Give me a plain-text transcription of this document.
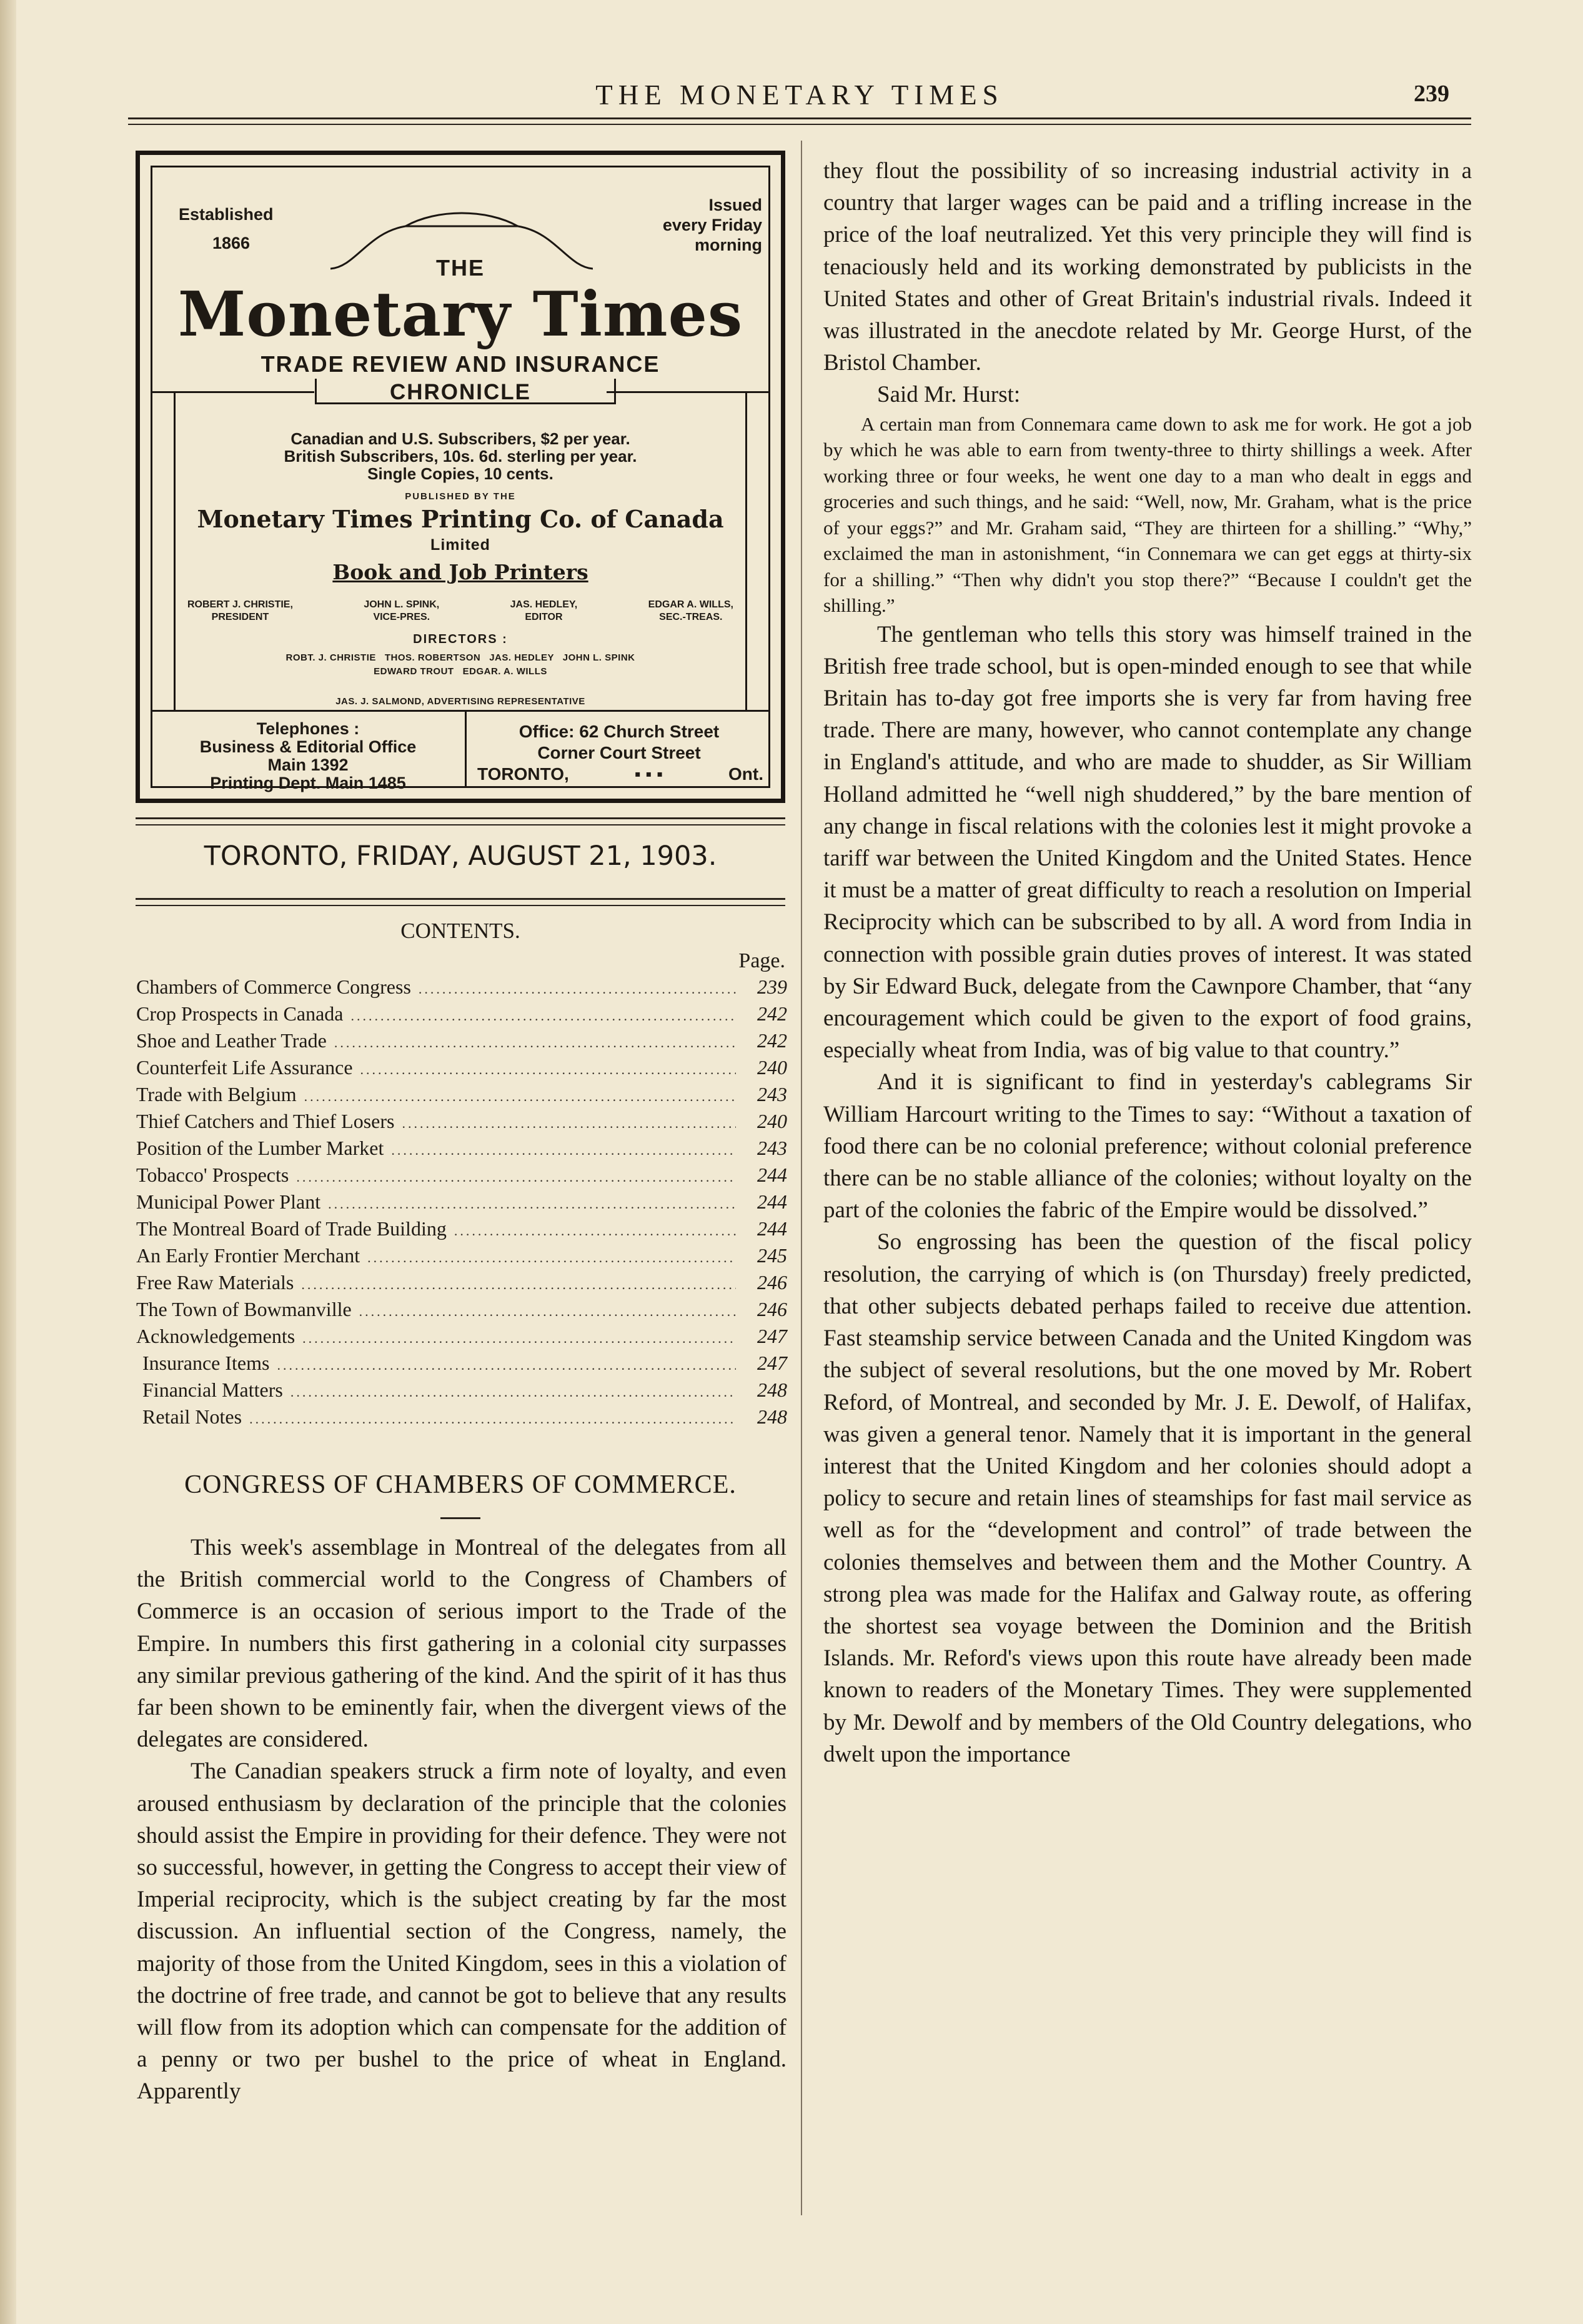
THE MONETARY TIMES	239
Established
1866
Issued
every Friday
morning
THE
Monetary Times
TRADE REVIEW AND INSURANCE
CHRONICLE
Canadian and U.S. Subscribers, $2 per year.
British Subscribers, 10s. 6d. sterling per year.
Single Copies, 10 cents.
PUBLISHED BY THE
Monetary Times Printing Co. of Canada
Limited
Book and Job Printers
ROBERT J. CHRISTIE,
PRESIDENT
JOHN L. SPINK,
VICE-PRES.
JAS. HEDLEY,
EDITOR
EDGAR A. WILLS,
SEC.-TREAS.
DIRECTORS :
ROBT. J. CHRISTIE   THOS. ROBERTSON   JAS. HEDLEY   JOHN L. SPINK
EDWARD TROUT   EDGAR. A. WILLS
JAS. J. SALMOND, ADVERTISING REPRESENTATIVE
Telephones :
Business & Editorial Office
Main 1392
Printing Dept. Main 1485
Office: 62 Church Street
Corner Court Street
TORONTO,	▪ ▪ ▪	Ont.
TORONTO, FRIDAY, AUGUST 21, 1903.
CONTENTS.
Page.
Chambers of Commerce Congress .....	239
Crop Prospects in Canada .....	242
Shoe and Leather Trade .....	242
Counterfeit Life Assurance .....	240
Trade with Belgium .....	243
Thief Catchers and Thief Losers .....	240
Position of the Lumber Market .....	243
Tobacco' Prospects .....	244
Municipal Power Plant .....	244
The Montreal Board of Trade Building .....	244
An Early Frontier Merchant .....	245
Free Raw Materials .....	246
The Town of Bowmanville .....	246
Acknowledgements .....	247
Insurance Items .....	247
Financial Matters .....	248
Retail Notes .....	248
CONGRESS OF CHAMBERS OF COMMERCE.

This week's assemblage in Montreal of the delegates from all the British commercial world to the Congress of Chambers of Commerce is an occasion of serious import to the Trade of the Empire. In numbers this first gathering in a colonial city surpasses any similar previous gathering of the kind. And the spirit of it has thus far been shown to be eminently fair, when the divergent views of the delegates are considered.

The Canadian speakers struck a firm note of loyalty, and even aroused enthusiasm by declaration of the principle that the colonies should assist the Empire in providing for their defence. They were not so successful, however, in getting the Congress to accept their view of Imperial reciprocity, which is the subject creating by far the most discussion. An influential section of the Congress, namely, the majority of those from the United Kingdom, sees in this a violation of the doctrine of free trade, and cannot be got to believe that any results will flow from its adoption which can compensate for the addition of a penny or two per bushel to the price of wheat in England. Apparently

they flout the possibility of so increasing industrial activity in a country that larger wages can be paid and a trifling increase in the price of the loaf neutralized. Yet this very principle they will find is tenaciously held and its working demonstrated by publicists in the United States and other of Great Britain's industrial rivals. Indeed it was illustrated in the anecdote related by Mr. George Hurst, of the Bristol Chamber.

Said Mr. Hurst:

A certain man from Connemara came down to ask me for work. He got a job by which he was able to earn from twenty-three to thirty shillings a week. After working three or four weeks, he went one day to a man who dealt in eggs and groceries and such things, and he said: “Well, now, Mr. Graham, what is the price of your eggs?” and Mr. Graham said, “They are thirteen for a shilling.” “Why,” exclaimed the man in astonishment, “in Connemara we can get eggs at thirty-six for a shilling.” “Then why didn't you stop there?” “Because I couldn't get the shilling.”

The gentleman who tells this story was himself trained in the British free trade school, but is open-minded enough to see that while Britain has to-day got free imports she is very far from having free trade. There are many, however, who cannot contemplate any change in England's attitude, and who are made to shudder, as Sir William Holland admitted he “well nigh shuddered,” by the bare mention of any change in fiscal relations with the colonies lest it might provoke a tariff war between the United Kingdom and the United States. Hence it must be a matter of great difficulty to reach a resolution on Imperial Reciprocity which can be subscribed to by all. A word from India in connection with possible grain duties proves of interest. It was stated by Sir Edward Buck, delegate from the Cawnpore Chamber, that “any encouragement which could be given to the export of food grains, especially wheat from India, was of big value to that country.”

And it is significant to find in yesterday's cablegrams Sir William Harcourt writing to the Times to say: “Without a taxation of food there can be no colonial preference; without colonial preference there can be no stable alliance of the colonies; without loyalty on the part of the colonies the fabric of the Empire would be dissolved.”

So engrossing has been the question of the fiscal policy resolution, the carrying of which is (on Thursday) freely predicted, that other subjects debated perhaps failed to receive due attention. Fast steamship service between Canada and the United Kingdom was the subject of several resolutions, but the one moved by Mr. Robert Reford, of Montreal, and seconded by Mr. J. E. Dewolf, of Halifax, was given a general tenor. Namely that it is important in the general interest that the United Kingdom and her colonies should adopt a policy to secure and retain lines of steamships for fast mail service as well as for the “development and control” of trade between the colonies themselves and between them and the Mother Country. A strong plea was made for the Halifax and Galway route, as offering the shortest sea voyage between the Dominion and the British Islands. Mr. Reford's views upon this route have already been made known to readers of the Monetary Times. They were supplemented by Mr. Dewolf and by members of the Old Country delegations, who dwelt upon the importance
